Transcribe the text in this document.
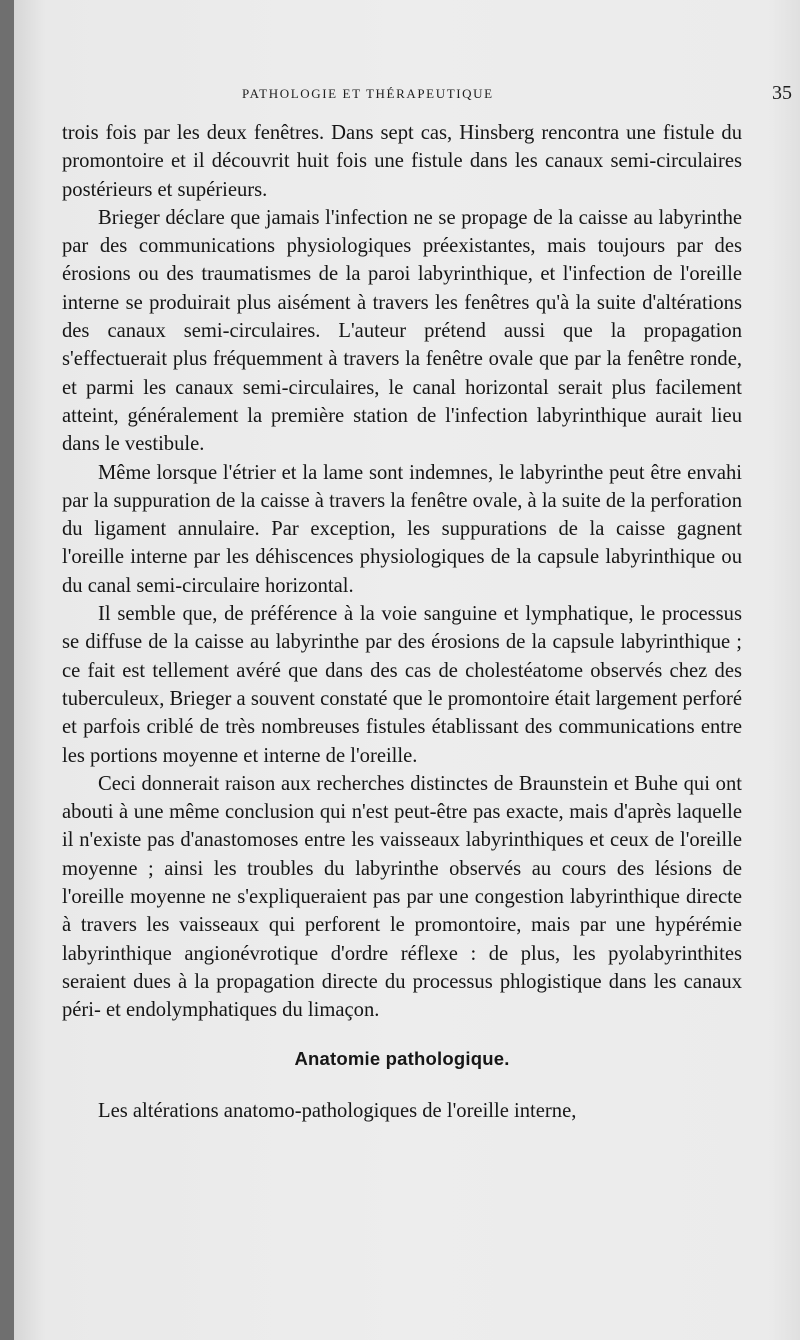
PATHOLOGIE ET THÉRAPEUTIQUE	35

trois fois par les deux fenêtres. Dans sept cas, Hinsberg rencontra une fistule du promontoire et il découvrit huit fois une fistule dans les canaux semi-circulaires postérieurs et supérieurs.

Brieger déclare que jamais l'infection ne se propage de la caisse au labyrinthe par des communications physiologiques préexistantes, mais toujours par des érosions ou des traumatismes de la paroi labyrinthique, et l'infection de l'oreille interne se produirait plus aisément à travers les fenêtres qu'à la suite d'altérations des canaux semi-circulaires. L'auteur prétend aussi que la propagation s'effectuerait plus fréquemment à travers la fenêtre ovale que par la fenêtre ronde, et parmi les canaux semi-circulaires, le canal horizontal serait plus facilement atteint, généralement la première station de l'infection labyrinthique aurait lieu dans le vestibule.

Même lorsque l'étrier et la lame sont indemnes, le labyrinthe peut être envahi par la suppuration de la caisse à travers la fenêtre ovale, à la suite de la perforation du ligament annulaire. Par exception, les suppurations de la caisse gagnent l'oreille interne par les déhiscences physiologiques de la capsule labyrinthique ou du canal semi-circulaire horizontal.

Il semble que, de préférence à la voie sanguine et lymphatique, le processus se diffuse de la caisse au labyrinthe par des érosions de la capsule labyrinthique ; ce fait est tellement avéré que dans des cas de cholestéatome observés chez des tuberculeux, Brieger a souvent constaté que le promontoire était largement perforé et parfois criblé de très nombreuses fistules établissant des communications entre les portions moyenne et interne de l'oreille.

Ceci donnerait raison aux recherches distinctes de Braunstein et Buhe qui ont abouti à une même conclusion qui n'est peut-être pas exacte, mais d'après laquelle il n'existe pas d'anastomoses entre les vaisseaux labyrinthiques et ceux de l'oreille moyenne ; ainsi les troubles du labyrinthe observés au cours des lésions de l'oreille moyenne ne s'expliqueraient pas par une congestion labyrinthique directe à travers les vaisseaux qui perforent le promontoire, mais par une hypérémie labyrinthique angionévrotique d'ordre réflexe : de plus, les pyolabyrinthites seraient dues à la propagation directe du processus phlogistique dans les canaux péri- et endolymphatiques du limaçon.

Anatomie pathologique.

Les altérations anatomo-pathologiques de l'oreille interne,
